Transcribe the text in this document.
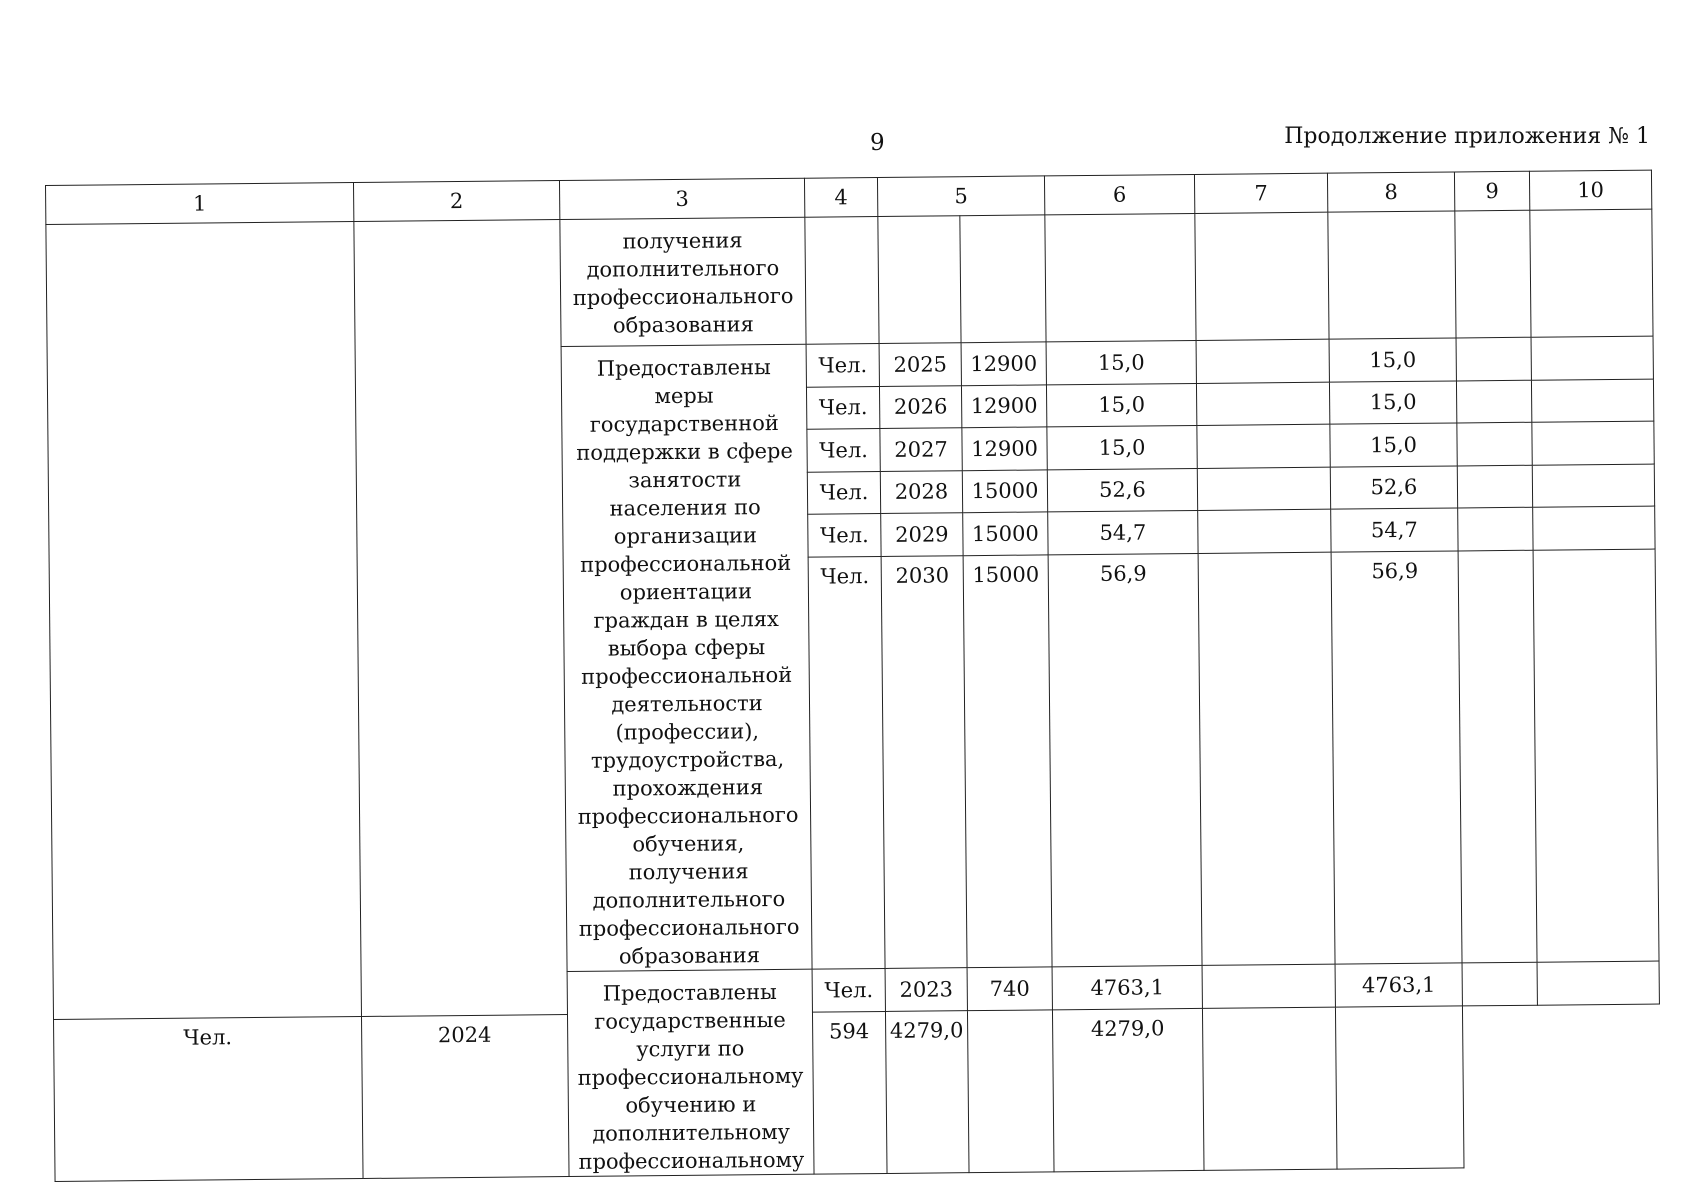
9	Продолжение приложения № 1
1	2	3	4	5		6	7	8	9	10
		получения дополнительного профессионального образования								
		Предоставлены меры государственной поддержки в сфере занятости населения по организации профессиональной ориентации граждан в целях выбора сферы профессиональной деятельности (профессии), трудоустройства, прохождения профессионального обучения, получения дополнительного профессионального образования	Чел.	2025	12900	15,0		15,0		
			Чел.	2026	12900	15,0		15,0		
			Чел.	2027	12900	15,0		15,0		
			Чел.	2028	15000	52,6		52,6		
			Чел.	2029	15000	54,7		54,7		
			Чел.	2030	15000	56,9		56,9		
		Предоставлены государственные услуги по профессиональному обучению и дополнительному профессиональному	Чел.	2023	740	4763,1		4763,1		
Чел.	2024		594	4279,0		4279,0				
